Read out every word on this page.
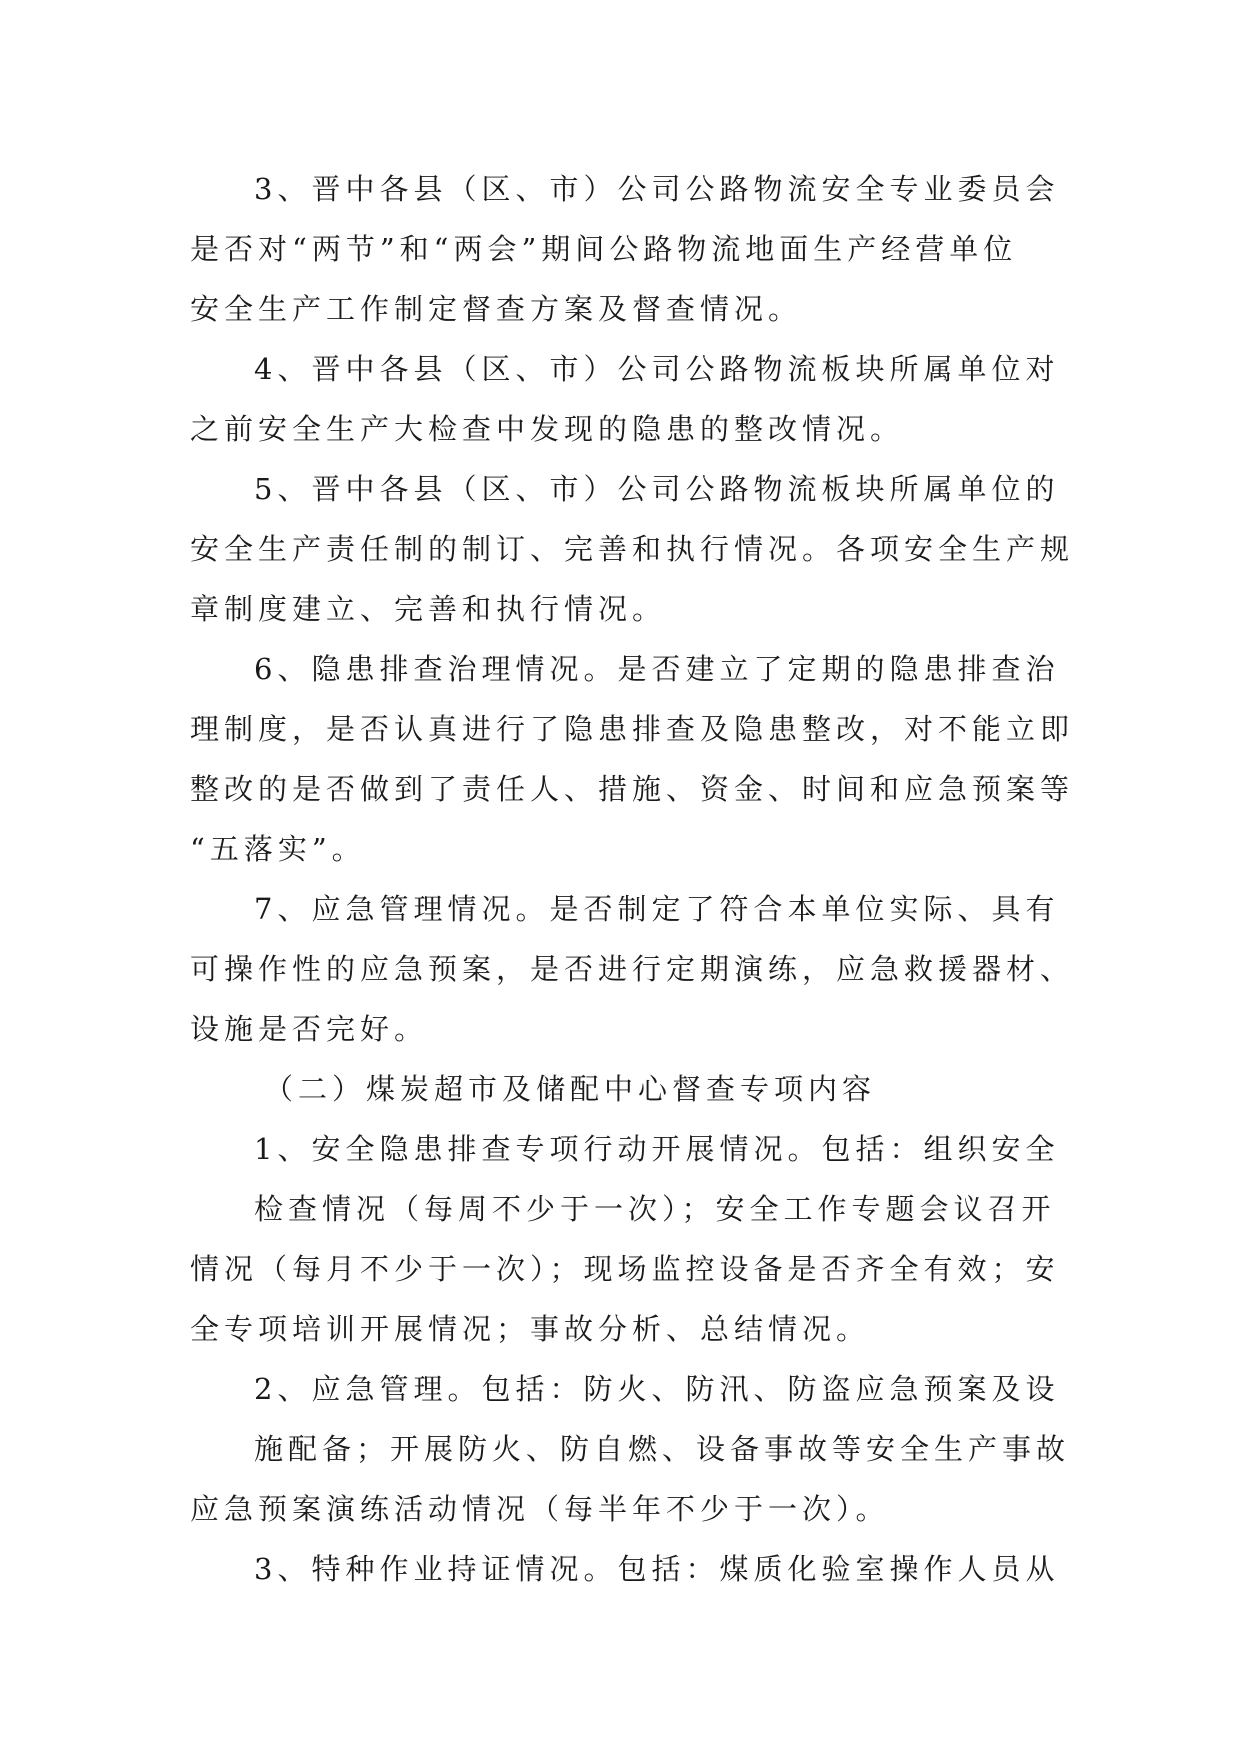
3、晋中各县（区、市）公司公路物流安全专业委员会
是否对“两节”和“两会”期间公路物流地面生产经营单位
安全生产工作制定督查方案及督查情况。
4、晋中各县（区、市）公司公路物流板块所属单位对
之前安全生产大检查中发现的隐患的整改情况。
5、晋中各县（区、市）公司公路物流板块所属单位的
安全生产责任制的制订、完善和执行情况。各项安全生产规
章制度建立、完善和执行情况。
6、隐患排查治理情况。是否建立了定期的隐患排查治
理制度，是否认真进行了隐患排查及隐患整改，对不能立即
整改的是否做到了责任人、措施、资金、时间和应急预案等
“五落实”。
7、应急管理情况。是否制定了符合本单位实际、具有
可操作性的应急预案，是否进行定期演练，应急救援器材、
设施是否完好。
（二）煤炭超市及储配中心督查专项内容
1、安全隐患排查专项行动开展情况。包括：组织安全
检查情况（每周不少于一次）；安全工作专题会议召开
情况（每月不少于一次）；现场监控设备是否齐全有效；安
全专项培训开展情况；事故分析、总结情况。
2、应急管理。包括：防火、防汛、防盗应急预案及设
施配备；开展防火、防自燃、设备事故等安全生产事故
应急预案演练活动情况（每半年不少于一次）。
3、特种作业持证情况。包括：煤质化验室操作人员从
